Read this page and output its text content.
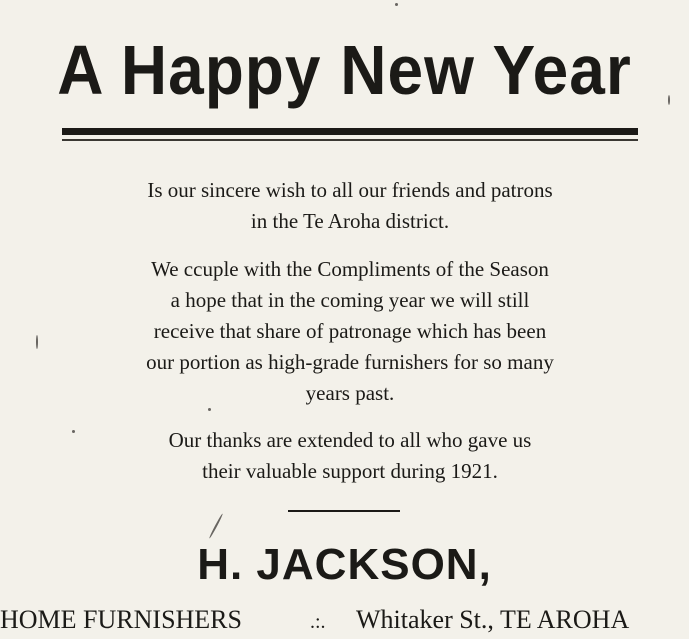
A Happy New Year
Is our sincere wish to all our friends and patrons
in the Te Aroha district.
We ccuple with the Compliments of the Season
a hope that in the coming year we will still
receive that share of patronage which has been
our portion as high-grade furnishers for so many
years past.
Our thanks are extended to all who gave us
their valuable support during 1921.
H. JACKSON,
HOME FURNISHERS	.:. Whitaker St., TE AROHA
